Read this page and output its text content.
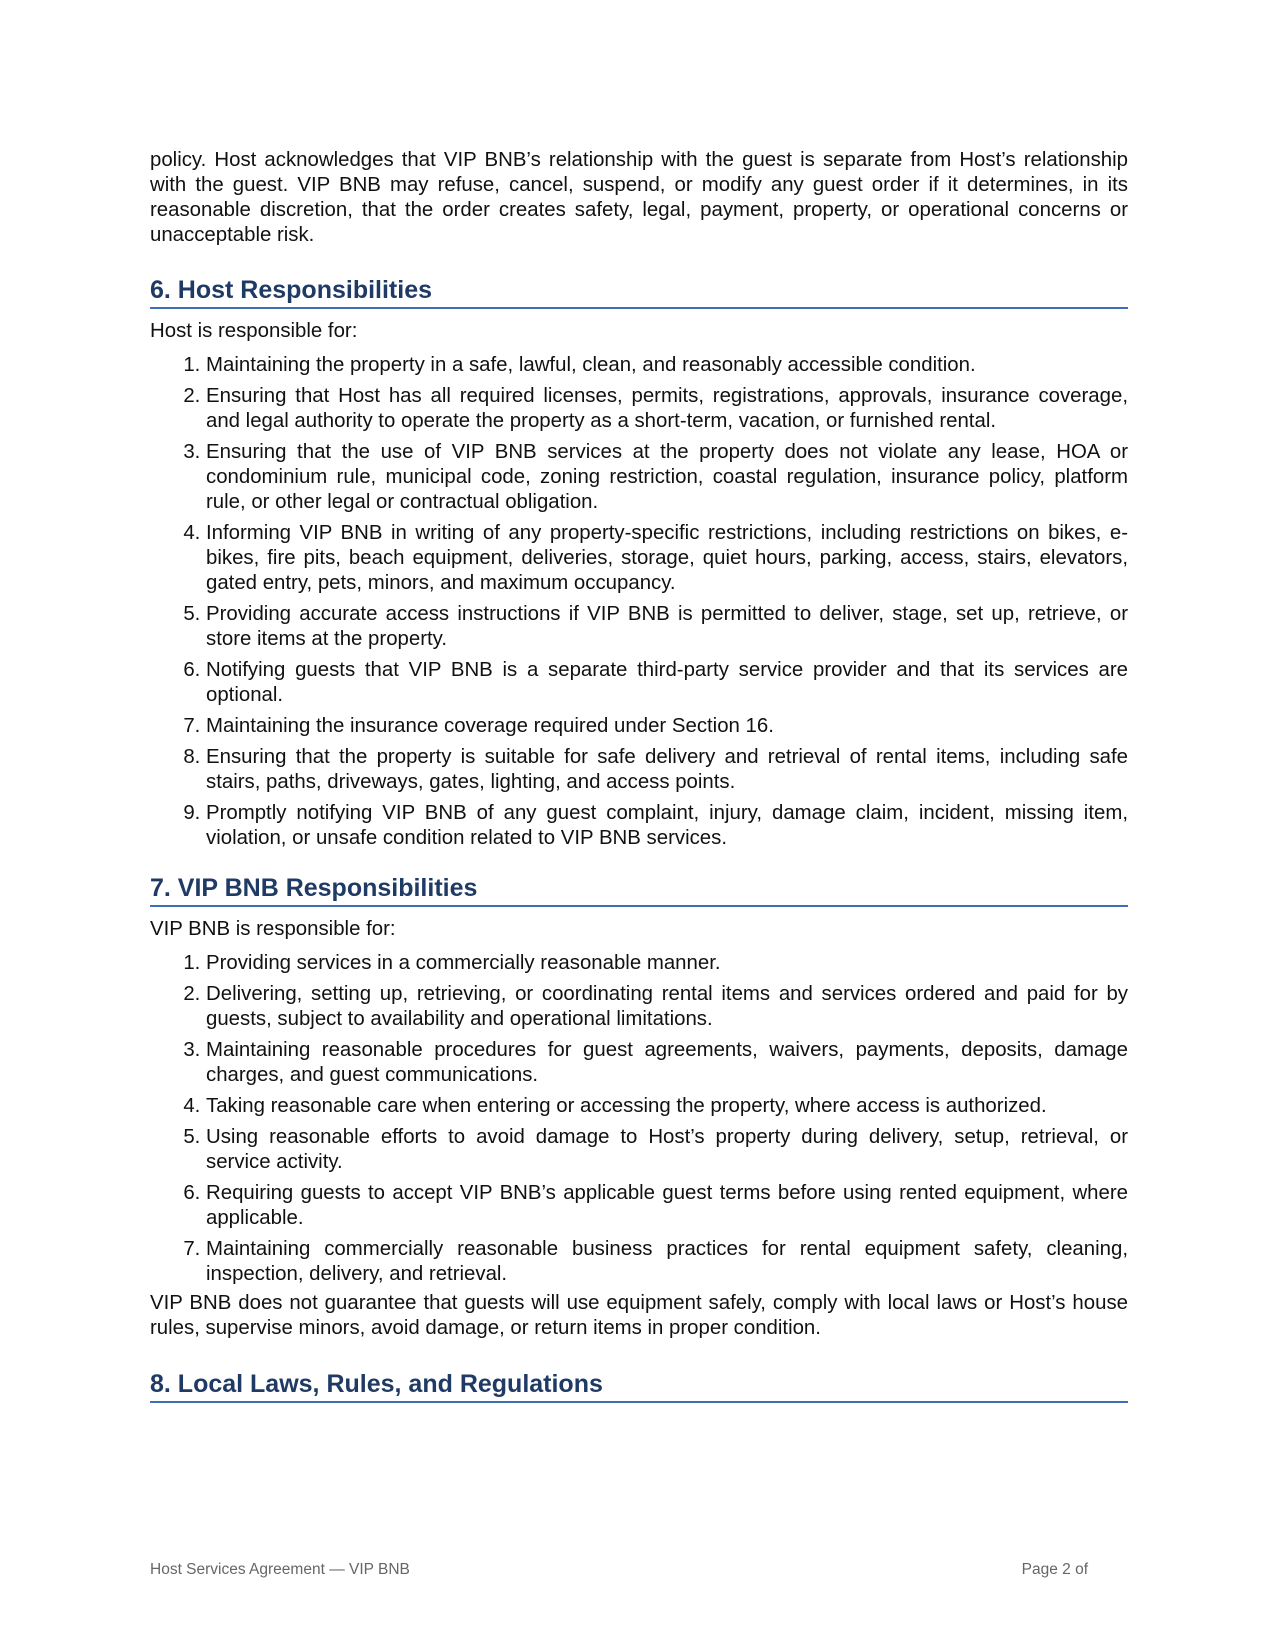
policy. Host acknowledges that VIP BNB’s relationship with the guest is separate from Host’s relationship with the guest. VIP BNB may refuse, cancel, suspend, or modify any guest order if it determines, in its reasonable discretion, that the order creates safety, legal, payment, property, or operational concerns or unacceptable risk.

6. Host Responsibilities

Host is responsible for:

1. Maintaining the property in a safe, lawful, clean, and reasonably accessible condition.
2. Ensuring that Host has all required licenses, permits, registrations, approvals, insurance coverage, and legal authority to operate the property as a short-term, vacation, or furnished rental.
3. Ensuring that the use of VIP BNB services at the property does not violate any lease, HOA or condominium rule, municipal code, zoning restriction, coastal regulation, insurance policy, platform rule, or other legal or contractual obligation.
4. Informing VIP BNB in writing of any property-specific restrictions, including restrictions on bikes, e-bikes, fire pits, beach equipment, deliveries, storage, quiet hours, parking, access, stairs, elevators, gated entry, pets, minors, and maximum occupancy.
5. Providing accurate access instructions if VIP BNB is permitted to deliver, stage, set up, retrieve, or store items at the property.
6. Notifying guests that VIP BNB is a separate third-party service provider and that its services are optional.
7. Maintaining the insurance coverage required under Section 16.
8. Ensuring that the property is suitable for safe delivery and retrieval of rental items, including safe stairs, paths, driveways, gates, lighting, and access points.
9. Promptly notifying VIP BNB of any guest complaint, injury, damage claim, incident, missing item, violation, or unsafe condition related to VIP BNB services.
7. VIP BNB Responsibilities

VIP BNB is responsible for:

1. Providing services in a commercially reasonable manner.
2. Delivering, setting up, retrieving, or coordinating rental items and services ordered and paid for by guests, subject to availability and operational limitations.
3. Maintaining reasonable procedures for guest agreements, waivers, payments, deposits, damage charges, and guest communications.
4. Taking reasonable care when entering or accessing the property, where access is authorized.
5. Using reasonable efforts to avoid damage to Host’s property during delivery, setup, retrieval, or service activity.
6. Requiring guests to accept VIP BNB’s applicable guest terms before using rented equipment, where applicable.
7. Maintaining commercially reasonable business practices for rental equipment safety, cleaning, inspection, delivery, and retrieval.

VIP BNB does not guarantee that guests will use equipment safely, comply with local laws or Host’s house rules, supervise minors, avoid damage, or return items in proper condition.

8. Local Laws, Rules, and Regulations
Host Services Agreement — VIP BNB	Page 2 of
